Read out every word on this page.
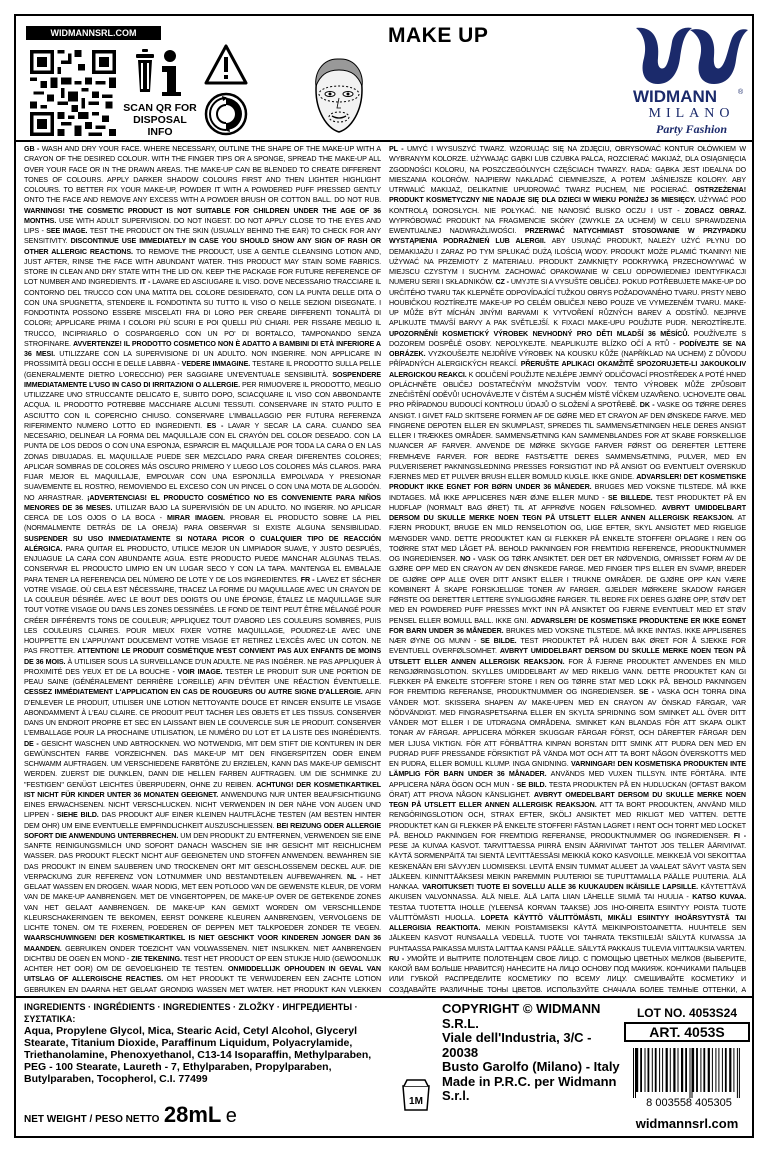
WIDMANNSRL.COM
SCAN QR FOR
DISPOSAL INFO
MAKE UP
WIDMANN	®
MILANO
Party Fashion

GB - WASH AND DRY YOUR FACE. WHERE NECESSARY, OUTLINE THE SHAPE OF THE MAKE-UP WITH A CRAYON OF THE DESIRED COLOUR. WITH THE FINGER TIPS OR A SPONGE, SPREAD THE MAKE-UP ALL OVER YOUR FACE OR IN THE DRAWN AREAS. THE MAKE-UP CAN BE BLENDED TO CREATE DIFFERENT TONES OF COLOURS. APPLY DARKER SHADOW COLOURS FIRST AND THEN LIGHTER HIGHLIGHT COLOURS. TO BETTER FIX YOUR MAKE-UP, POWDER IT WITH A POWDERED PUFF PRESSED GENTLY ONTO THE FACE AND REMOVE ANY EXCESS WITH A POWDER BRUSH OR COTTON BALL. DO NOT RUB. WARNINGS! THE COSMETIC PRODUCT IS NOT SUITABLE FOR CHILDREN UNDER THE AGE OF 36 MONTHS. USE WITH ADULT SUPERVISION. DO NOT INGEST. DO NOT APPLY CLOSE TO THE EYES AND LIPS - SEE IMAGE. TEST THE PRODUCT ON THE SKIN (USUALLY BEHIND THE EAR) TO CHECK FOR ANY SENSITIVITY. DISCONTINUE USE IMMEDIATELY IN CASE YOU SHOULD SHOW ANY SIGN OF RASH OR OTHER ALLERGIC REACTIONS. TO REMOVE THE PRODUCT, USE A GENTLE CLEANSING LOTION AND, JUST AFTER, RINSE THE FACE WITH ABUNDANT WATER. THIS PRODUCT MAY STAIN SOME FABRICS. STORE IN CLEAN AND DRY STATE WITH THE LID ON. KEEP THE PACKAGE FOR FUTURE REFERENCE OF LOT NUMBER AND INGREDIENTS. IT - LAVARE ED ASCIUGARE IL VISO. DOVE NECESSARIO TRACCIARE IL CONTORNO DEL TRUCCO CON UNA MATITA DEL COLORE DESIDERATO, CON LA PUNTA DELLE DITA O CON UNA SPUGNETTA, STENDERE IL FONDOTINTA SU TUTTO IL VISO O NELLE SEZIONI DISEGNATE. I FONDOTINTA POSSONO ESSERE MISCELATI FRA DI LORO PER CREARE DIFFERENTI TONALITÀ DI COLORI; APPLICARE PRIMA I COLORI PIÙ SCURI E POI QUELLI PIÙ CHIARI. PER FISSARE MEGLIO IL TRUCCO, INCIPRIARLO O COSPARGERLO CON UN PO' DI BORTALCO, TAMPONANDO SENZA STROFINARE. AVVERTENZE! IL PRODOTTO COSMETICO NON È ADATTO A BAMBINI DI ETÀ INFERIORE A 36 MESI. UTILIZZARE CON LA SUPERVISIONE DI UN ADULTO. NON INGERIRE. NON APPLICARE IN PROSSIMITÀ DEGLI OCCHI E DELLE LABBRA - VEDERE IMMAGINE. TESTARE IL PRODOTTO SULLA PELLE (GENERALMENTE DIETRO L'ORECCHIO) PER SAGGIARE UN'EVENTUALE SENSIBILITÀ. SOSPENDERE IMMEDIATAMENTE L'USO IN CASO DI IRRITAZIONI O ALLERGIE. PER RIMUOVERE IL PRODOTTO, MEGLIO UTILIZZARE UNO STRUCCANTE DELICATO E, SUBITO DOPO, SCIACQUARE IL VISO CON ABBONDANTE ACQUA. IL PRODOTTO POTREBBE MACCHIARE ALCUNI TESSUTI. CONSERVARE IN STATO PULITO E ASCIUTTO CON IL COPERCHIO CHIUSO. CONSERVARE L'IMBALLAGGIO PER FUTURA REFERENZA RIFERIMENTO NUMERO LOTTO ED INGREDIENTI. ES - LAVAR Y SECAR LA CARA. CUANDO SEA NECESARIO, DELINEAR LA FORMA DEL MAQUILLAJE CON EL CRAYÓN DEL COLOR DESEADO. CON LA PUNTA DE LOS DEDOS O CON UNA ESPONJA, ESPARCIR EL MAQUILLAJE POR TODA LA CARA O EN LAS ZONAS DIBUJADAS. EL MAQUILLAJE PUEDE SER MEZCLADO PARA CREAR DIFERENTES COLORES; APLICAR SOMBRAS DE COLORES MÁS OSCURO PRIMERO Y LUEGO LOS COLORES MÁS CLAROS. PARA FIJAR MEJOR EL MAQUILLAJE, EMPOLVAR CON UNA ESPONJILLA EMPOLVADA Y PRESIONAR SUAVEMENTE EL ROSTRO, REMOVIENDO EL EXCESO CON UN PINCEL O CON UNA MOTA DE ALGODÓN. NO ARRASTRAR. ¡ADVERTENCIAS! EL PRODUCTO COSMÉTICO NO ES CONVENIENTE PARA NIÑOS MENORES DE 36 MESES. UTILIZAR BAJO LA SUPERVISIÓN DE UN ADULTO. NO INGERIR. NO APLICAR CERCA DE LOS OJOS O LA BOCA - MIRAR IMAGEN. PROBAR EL PRODUCTO SOBRE LA PIEL (NORMALMENTE DETRÁS DE LA OREJA) PARA OBSERVAR SI EXISTE ALGUNA SENSIBILIDAD. SUSPENDER SU USO INMEDIATAMENTE SI NOTARA PICOR O CUALQUIER TIPO DE REACCIÓN ALÉRGICA. PARA QUITAR EL PRODUCTO, UTILICE MEJOR UN LIMPIADOR SUAVE, Y JUSTO DESPUÉS, ENJUAGUE LA CARA CON ABUNDANTE AGUA. ESTE PRODUCTO PUEDE MANCHAR ALGUNAS TELAS. CONSERVAR EL PRODUCTO LIMPIO EN UN LUGAR SECO Y CON LA TAPA. MANTENGA EL EMBALAJE PARA TENER LA REFERENCIA DEL NÚMERO DE LOTE Y DE LOS INGREDIENTES. FR - LAVEZ ET SÉCHER VOTRE VISAGE. OÙ CELA EST NÉCESSAIRE, TRACEZ LA FORME DU MAQUILLAGE AVEC UN CRAYON DE LA COULEUR DÉSIRÉE. AVEC LE BOUT DES DOIGTS OU UNE ÉPONGE, ÉTALEZ LE MAQUILLAGE SUR TOUT VOTRE VISAGE OU DANS LES ZONES DESSINÉES. LE FOND DE TEINT PEUT ÊTRE MÉLANGÉ POUR CRÉER DIFFÉRENTS TONS DE COULEUR; APPLIQUEZ TOUT D'ABORD LES COULEURS SOMBRES, PUIS LES COULEURS CLAIRES. POUR MIEUX FIXER VOTRE MAQUILLAGE, POUDREZ-LE AVEC UNE HOUPPETTE EN L'APPUYANT DOUCEMENT VOTRE VISAGE ET RETIREZ L'EXCÈS AVEC UN COTON. NE PAS FROTTER. ATTENTION! LE PRODUIT COSMÉTIQUE N'EST CONVIENT PAS AUX ENFANTS DE MOINS DE 36 MOIS. À UTILISER SOUS LA SURVEILLANCE D'UN ADULTE. NE PAS INGÉRER. NE PAS APPLIQUER À PROXIMITÉ DES YEUX ET DE LA BOUCHE - VOIR IMAGE. TESTER LE PRODUIT SUR UNE PORTION DE PEAU SAINE (GÉNÉRALEMENT DERRIÈRE L'OREILLE) AFIN D'ÉVITER UNE RÉACTION ÉVENTUELLE. CESSEZ IMMÉDIATEMENT L'APPLICATION EN CAS DE ROUGEURS OU AUTRE SIGNE D'ALLERGIE. AFIN D'ENLEVER LE PRODUIT, UTILISER UNE LOTION NETTOYANTE DOUCE ET RINCER ENSUITE LE VISAGE ABONDAMMENT À L'EAU CLAIRE. CE PRODUIT PEUT TACHER LES OBJETS ET LES TISSUS. CONSERVER DANS UN ENDROIT PROPRE ET SEC EN LAISSANT BIEN LE COUVERCLE SUR LE PRODUIT. CONSERVER L'EMBALLAGE POUR LA PROCHAINE UTILISATION, LE NUMÉRO DU LOT ET LA LISTE DES INGRÉDIENTS. DE - GESICHT WASCHEN UND ABTROCKNEN. WO NOTWENDIG, MIT DEM STIFT DIE KONTUREN IN DER GEWÜNSCHTEN FARBE VORZEICHNEN. DAS MAKE-UP MIT DEN FINGERSPITZEN ODER EINEM SCHWAMM AUFTRAGEN. UM VERSCHIEDENE FARBTÖNE ZU ERZIELEN, KANN DAS MAKE-UP GEMISCHT WERDEN. ZUERST DIE DUNKLEN, DANN DIE HELLEN FARBEN AUFTRAGEN. UM DIE SCHMINKE ZU "FESTIGEN" GENÜGT LEICHTES ÜBERPUDERN, OHNE ZU REIBEN. ACHTUNG! DER KOSMETIKARTIKEL IST NICHT FÜR KINDER UNTER 36 MONATEN GEEIGNET. ANWENDUNG NUR UNTER BEAUFSICHTIGUNG EINES ERWACHSENEN. NICHT VERSCHLUCKEN. NICHT VERWENDEN IN DER NÄHE VON AUGEN UND LIPPEN - SIEHE BILD. DAS PRODUKT AUF EINER KLEINEN HAUTFLÄCHE TESTEN (AM BESTEN HINTER DEM OHR) UM EINE EVENTUELLE EMPFINDLICHKEIT AUSZUSCHLIESSEN. BEI REIZUNG ODER ALLERGIE SOFORT DIE ANWENDUNG UNTERBRECHEN. UM DEN PRODUKT ZU ENTFERNEN, VERWENDEN SIE EINE SANFTE REINIGUNGSMILCH UND SOFORT DANACH WASCHEN SIE IHR GESICHT MIT REICHLICHEM WASSER. DAS PRODUKT FLECKT NICHT AUF GEEIGNETEN UND STOFFEN ANWENDEN. BEWAHREN SIE DAS PRODUKT IN EINEM SAUBEREN UND TROCKENEN ORT MIT GESCHLOSSENEM DECKEL AUF. DIE VERPACKUNG ZUR REFERENZ VON LOTNUMMER UND BESTANDTEILEN AUFBEWAHREN. NL - HET GELAAT WASSEN EN DROGEN. WAAR NODIG, MET EEN POTLOOD VAN DE GEWENSTE KLEUR, DE VORM VAN DE MAKE-UP AANBRENGEN. MET DE VINGERTOPPEN, DE MAKE-UP OVER DE GETEKENDE ZONES VAN HET GELAAT AANBRENGEN. DE MAKE-UP KAN GEMIXT WORDEN OM VERSCHILLENDE KLEURSCHAKERINGEN TE BEKOMEN, EERST DONKERE KLEUREN AANBRENGEN, VERVOLGENS DE LICHTE TONEN. OM TE FIXEREN, POEDEREN OF DEPPEN MET TALKPOEDER ZONDER TE VEGEN. WAARSCHUWINGEN! DER KOSMETIKARTIKEL IS NIET GESCHIKT VOOR KINDEREN JONGER DAN 36 MAANDEN. GEBRUIKEN ONDER TOEZICHT VAN VOLWASSENEN. NIET INSLIKKEN. NIET AANBRENGEN DICHTBIJ DE OGEN EN MOND - ZIE TEKENING. TEST HET PRODUCT OP EEN STUKJE HUID (GEWOONLIJK ACHTER HET OOR) OM DE GEVOELIGHEID TE TESTEN. ONMIDDELLIJK OPHOUDEN IN GEVAL VAN UITSLAG OF ALLERGISCHE REACTIES. OM HET PRODUKT TE VERWIJDEREN EEN ZACHTE LOTION GEBRUIKEN EN DAARNA HET GELAAT GRONDIG WASSEN MET WATER. HET PRODUKT KAN VLEKKEN

PL - UMYĆ I WYSUSZYĆ TWARZ. WZORUJĄC SIĘ NA ZDJĘCIU, OBRYSOWAĆ KONTUR OŁÓWKIEM W WYBRANYM KOLORZE. UŻYWAJĄC GĄBKI LUB CZUBKA PALCA, ROZCIERAĆ MAKIJAŻ, DLA OSIĄGNIĘCIA ZGODNOŚCI KOLORU, NA POSZCZEGÓLNYCH CZĘŚCIACH TWARZY. RADA: GĄBKA JEST IDEALNA DO MIESZANIA KOLORÓW. NAJPIERW NAKŁADAĆ CIEMNIEJSZE, A POTEM JAŚNIEJSZE KOLORY. ABY UTRWALIĆ MAKIJAŻ, DELIKATNIE UPUDROWAĆ TWARZ PUCHEM, NIE POCIERAĆ. OSTRZEŻENIA! PRODUKT KOSMETYCZNY NIE NADAJE SIĘ DLA DZIECI W WIEKU PONIŻEJ 36 MIESIĘCY. UŻYWAĆ POD KONTROLĄ DOROSŁYCH. NIE POŁYKAĆ. NIE NANOSIĆ BLISKO OCZU I UST - ZOBACZ OBRAZ. WYPRÓBOWAĆ PRODUKT NA FRAGMENCIE SKÓRY (ZWYKLE ZA UCHEM) W CELU SPRAWDZENIA EWENTUALNEJ NADWRAŻLIWOŚCI. PRZERWAĆ NATYCHMIAST STOSOWANIE W PRZYPADKU WYSTĄPIENIA PODRAŻNIEŃ LUB ALERGII. ABY USUNĄĆ PRODUKT, NALEŻY UŻYĆ PŁYNU DO DEMAKIJAŻU I ZARAZ PO TYM SPŁUKAĆ DUŻĄ ILOŚCIĄ WODY. PRODUKT MOŻE PLAMIĆ TKANINY! NIE UŻYWAĆ NA PRZEMIOTY Z MATERIAŁU. PRODUKT ZAMKNIĘTY PODKRYWKĄ PRZECHOWYWAĆ W MIEJSCU CZYSTYM I SUCHYM. ZACHOWAĆ OPAKOWANIE W CELU ODPOWIEDNIEJ IDENTYFIKACJI NUMERU SERII I SKŁADNIKÓW. CZ - UMYJTE SI A VYSUŠTE OBLIČEJ. POKUD POTŘEBUJETE MAKE-UP DO URČITÉHO TVARU TAK KLEPNĚTE ODPOVÍDAJÍCÍ TUŽKOU OBRYS POŽADOVANÉHO TVARU. PRSTY NEBO HOUBIČKOU ROZTÍREJTE MAKE-UP PO CELÉM OBLIČEJI NEBO POUZE VE VYMEZENÉM TVARU. MAKE-UP MŮŽE BÝT MÍCHÁN JINÝMI BARVAMI K VYTVOŘENÍ RŮZNÝCH BAREV A ODSTÍNŮ. NEJPRVE APLIKUJTE TMAVŠÍ BARVY A PAK SVĚTLEJŠÍ. K FIXACI MAKE-UPU POUŽIJTE PUDR. NEROZTÍREJTE. UPOZORNĚNÍ! KOSMETICKÝ VÝROBEK NEVHODNÝ PRO DĚTI MLADŠÍ 36 MĚSÍCŮ. POUŽÍVEJTE S DOZOREM DOSPĚLÉ OSOBY. NEPOLYKEJTE. NEAPLIKUJTE BLÍZKO OČÍ A RTŮ - PODÍVEJTE SE NA OBRÁZEK. VYZKOUŠEJTE NEJDŘÍVE VÝROBEK NA KOUSKU KŮŽE (NAPŘÍKLAD NA UCHEM) Z DŮVODU PŘÍPADNÝCH ALERGICKÝCH REAKCÍ. PŘERUŠTE APLIKACI OKAMŽITĚ SPOZORUJETE-LI JAKOUKOLIV ALERGICKOU REAKCI. K ODLIČENÍ POUŽIJTE NEJLÉPE JEMNÝ ODLIČOVACÍ PROSTŘEDEK A POTÉ HNED OPLÁCHNĚTE OBLIČEJ DOSTATEČNÝM MNOŽSTVÍM VODY. TENTO VÝROBEK MŮŽE ZPŮSOBIT ZNEČIŠTĚNÍ ODĚVŮ! UCHOVÁVEJTE V ČISTÉM A SUCHÉM MÍSTĚ VÍČKEM UZAVŘENO. UCHOVEJTE OBAL PRO PŘÍPADNOU BUDOUCÍ KONTROLU ÚDAJŮ O SLOŽENÍ A SPOTŘEBĚ. DK - VASKE OG TØRRE DERES ANSIGT. I GIVET FALD SKITSERE FORMEN AF DE GØRE MED ET CRAYON AF DEN ØNSKEDE FARVE. MED FINGRENE DEPOTEN ELLER EN SKUMPLAST, SPREDES TIL SAMMENSÆTNINGEN HELE DERES ANSIGT ELLER I TRÆKKES OMRÅDER. SAMMENSÆTNING KAN SAMMENBLANDES FOR AT SKABE FORSKELLIGE NUANCER AF FARVER. ANVENDE DE MØRKE SKYGGE FARVER FØRST OG DEREFTER LETTERE FREMHÆVE FARVER. FOR BEDRE FASTSÆTTE DERES SAMMENSÆTNING, PULVER, MED EN PULVERISERET PAKNINGSLEDNING PRESSES FORSIGTIGT IND PÅ ANSIGT OG EVENTUELT OVERSKUD FJERNES MED ET PULVER BRUSH ELLER BOMULD KUGLE. IKKE GNIDE. ADVARSLER! DET KOSMETISKE PRODUKT IKKE EGNET FOR BØRN UNDER 36 MÅNEDER. BRUGES MED VOKSNE TILSTEDE. MÅ IKKE INDTAGES. MÅ IKKE APPLICERES NÆR ØJNE ELLER MUND - SE BILLEDE. TEST PRODUKTET PÅ EN HUDFLAP (NORMALT BAG ØRET) TIL AT AFPRØVE NOGEN FØLSOMHED. AVBRYT UMIDDELBART DERSOM DU SKULLE MERKE NOEN TEGN PÅ UTSLETT ELLER ANNEN ALLERGISK REAKSJON. AT FJERN PRODUKT, BRUGE EN MILD RENSELOTION OG, LIGE EFTER, SKYL ANSIGTET MED RIGELIGE MÆNGDER VAND. DETTE PRODUKTET KAN GI FLEKKER PÅ ENKELTE STOFFER! OPLAGRE I REN OG TOØRRE STAT MED LÅGET PÅ. BEHOLD PAKNINGEN FOR FREMTIDIG REFERENCE, PRODUKTNUMMER OG INGREDIENSER. NO - VASK OG TØRK ANSIKTET. DER DET ER NØDVENDIG, OMRISSET FORM AV DE GJØRE OPP MED EN CRAYON AV DEN ØNSKEDE FARGE. MED FINGER TIPS ELLER EN SVAMP, BREDER DE GJØRE OPP ALLE OVER DITT ANSIKT ELLER I TRUKNE OMRÅDER. DE GJØRE OPP KAN VÆRE KOMBINERT Å SKAPE FORSKJELLIGE TONER AV FARGER. GJELDER MØRKERE SKADOW FARGER FØRSTE OG DERETTER LETTERE SYNLIGGJØRE FARGER. TIL BEDRE FIX DERES GJØRE OPP, STØV DET MED EN POWDERED PUFF PRESSES MYKT INN PÅ ANSIKTET OG FJERNE EVENTUELT MED ET STØV PENSEL ELLER BOMULL BALL. IKKE GNI. ADVARSLER! DE KOSMETISKE PRODUKTENE ER IKKE EGNET FOR BARN UNDER 36 MÅNEDER. BRUKES MED VOKSNE TILSTEDE. MÅ IKKE INNTAS. IKKE APPLISERES NÆR ØYNE OG MUNN - SE BILDE. TEST PRODUKTET PÅ HUDEN BAK ØRET FOR Å SJEKKE FOR EVENTUELL OVERFØLSOMHET. AVBRYT UMIDDELBART DERSOM DU SKULLE MERKE NOEN TEGN PÅ UTSLETT ELLER ANNEN ALLERGISK REAKSJON. FOR Å FJERNE PRODUKTET ANVENDES EN MILD RENGJØRINGSLOTION. SKYLLES UMIDDELBART AV MED RIKELIG VANN. DETTE PRODUKTET KAN GI FLEKKER PÅ ENKELTE STOFFER! STORE I REN OG TØRRE STAT MED LOKK PÅ. BEHOLD PAKNINGEN FOR FREMTIDIG REFERANSE, PRODUKTNUMMER OG INGREDIENSER. SE - VASKA OCH TORRA DINA VÄNDER MOT. SKISSERA SHAPEN AV MAKE-UPEN MED EN CRAYON AV ÖNSKAD FÄRGAR, VAR NÖDVÄNDIGT. MED FINGRASPETSARNA ELLER EN SKYLTA SPRIDNING SOM SMINKET ALL ÖVER DITT VÄNDER MOT ELLER I DE UTDRAGNA OMRÅDENA. SMINKET KAN BLANDAS FÖR ATT SKAPA OLIKT TONAR AV FÄRGAR. APPLICERA MÖRKER SKUGGAR FÄRGAR FÖRST, OCH DÄREFTER FÄRGAR DEN MER LJUSA VIKTIGN. FÖR ATT FÖRBÄTTRA KINPAN BORSTAN DITT SMINK ATT PUDRA DEN MED EN PUDRAD PUFF PRESSANDE FÖRSIKTIGT PÅ VÄNDA MOT OCH ATT TA BORT NÅGON ÖVERSKOTTS MED EN PUDRA, ELLER BOMULL KLUMP. INGA GNIDNING. VARNINGAR! DEN KOSMETISKA PRODUKTEN INTE LÄMPLIG FÖR BARN UNDER 36 MÅNADER. ANVÄNDS MED VUXEN TILLSYN. INTE FÖRTÄRA. INTE APPLICERA NÄRA ÖGON OCH MUN - SE BILD. TESTA PRODUKTEN PÅ EN HUDLUCKAN (OFTAST BAKOM ÖRAT) ATT PROVA NÅGON KÄNSLIGHET. AVBRYT OMEDELBART DERSOM DU SKULLE MERKE NOEN TEGN PÅ UTSLETT ELLER ANNEN ALLERGISK REAKSJON. ATT TA BORT PRODUKTEN, ANVÄND MILD RENGÖRINGSLOTION OCH, STRAX EFTER, SKÖLJ ANSIKTET MED RIKLIGT MED VATTEN. DETTE PRODUKTET KAN GI FLEKKER PÅ ENKELTE STOFFER! FÄSTAN LAGRET I RENT OCH TORRT MED LOCKET PÅ. BEHOLD PAKNINGEN FOR FREMTIDIG REFERANSE, PRODUKTNUMMER OG INGREDIENSER. FI - PESE JA KUIVAA KASVOT. TARVITTAESSA PIIRRÄ ENSIN ÄÄRIVIIVAT TAHTOT JOS TELLER ÄÄRIVIIVAT. KÄYTÄ SORMENPÄITÄ TAI SIENTÄ LEVITTÄESSÄSI MEIKKIÄ KOKO KASVOILLE. MEIKKEJÄ VOI SEKOITTAA KESKENÄÄN ERI SÄVYJEN LUOMISEKSI. LEVITÄ ENSIN TUMMAT ALUEET JA VAALEAT SÄVYT VASTA SEN JÄLKEEN. KIINNITTÄÄKSESI MEIKIN PAREMMIN PUUTERIOI SE TUPUTTAMALLA PÄÄLLE PUUTERIA. ÄLÄ HANKAA. VAROITUKSET! TUOTE EI SOVELLU ALLE 36 KUUKAUDEN IKÄISILLE LAPSILLE. KÄYTETTÄVÄ AIKUISEN VALVONNASSA. ÄLÄ NIELE. ÄLÄ LAITA LIIAN LÄHELLE SILMIÄ TAI HUULIA - KATSO KUVAA. TESTAA TUOTETTA IHOLLE (YLEENSÄ KORVAN TAAKSE) JOS IHO-OIREITA ESIINTYY POISTA TUOTE VÄLITTÖMÄSTI HUOLLA. LOPETA KÄYTTÖ VÄLITTÖMÄSTI, MIKÄLI ESIINTYY IHOÄRSYTYSTÄ TAI ALLERGISIA REAKTIOITA. MEIKIN POISTAMISEKSI KÄYTÄ MEIKINPOISTOAINETTA. HUUHTELE SEN JÄLKEEN KASVOT RUNSAALLA VEDELLÄ. TUOTE VOI TAHRATA TEKSTIILEJÄ! SÄILYTÄ KUIVASSA JA PUHTAASSA PAIKASSA MUISTA LAITTAA KANSI PÄÄLLE. SÄILYTÄ PAKKAUS TULEVIA VIITTAUKSIA VARTEN. RU - УМОЙТЕ И ВЫТРИТЕ ПОЛОТЕНЦЕМ СВОЕ ЛИЦО. С ПОМОЩЬЮ ЦВЕТНЫХ МЕЛКОВ (ВЫБЕРИТЕ, КАКОЙ ВАМ БОЛЬШЕ НРАВИТСЯ) НАНЕСИТЕ НА ЛИЦО ОСНОВУ ПОД МАКИЯЖ. КОНЧИКАМИ ПАЛЬЦЕВ ИЛИ ГУБКОЙ РАСПРЕДЕЛИТЕ КОСМЕТИКУ ПО ВСЕМУ ЛИЦУ. СМЕШИВАЙТЕ КОСМЕТИКУ И СОЗДАВАЙТЕ РАЗЛИЧНЫЕ ТОНЫ ЦВЕТОВ. ИСПОЛЬЗУЙТЕ СНАЧАЛА БОЛЕЕ ТЕМНЫЕ ОТТЕНКИ, А

INGREDIENTS · INGRÉDIENTS · INGREDIENTES · ZLOŽKY · ИНГРЕДИЕНТЫ · ΣΥΣΤΑΤΙΚΑ:
Aqua, Propylene Glycol, Mica, Stearic Acid, Cetyl Alcohol, Glyceryl Stearate, Titanium Dioxide, Paraffinum Liquidum, Polyacrylamide, Triethanolamine, Phenoxyethanol, C13-14 Isoparaffin, Methylparaben, PEG - 100 Stearate, Laureth - 7, Ethylparaben, Propylparaben, Butylparaben, Tocopherol, C.I. 77499
NET WEIGHT / PESO NETTO 28mL e
1M
COPYRIGHT © WIDMANN S.R.L.
Viale dell'Industria, 3/C - 20038
Busto Garolfo (Milano) - Italy
Made in P.R.C. per Widmann S.r.l.
LOT NO. 4053S24
ART. 4053S
8 003558 405305
widmannsrl.com
